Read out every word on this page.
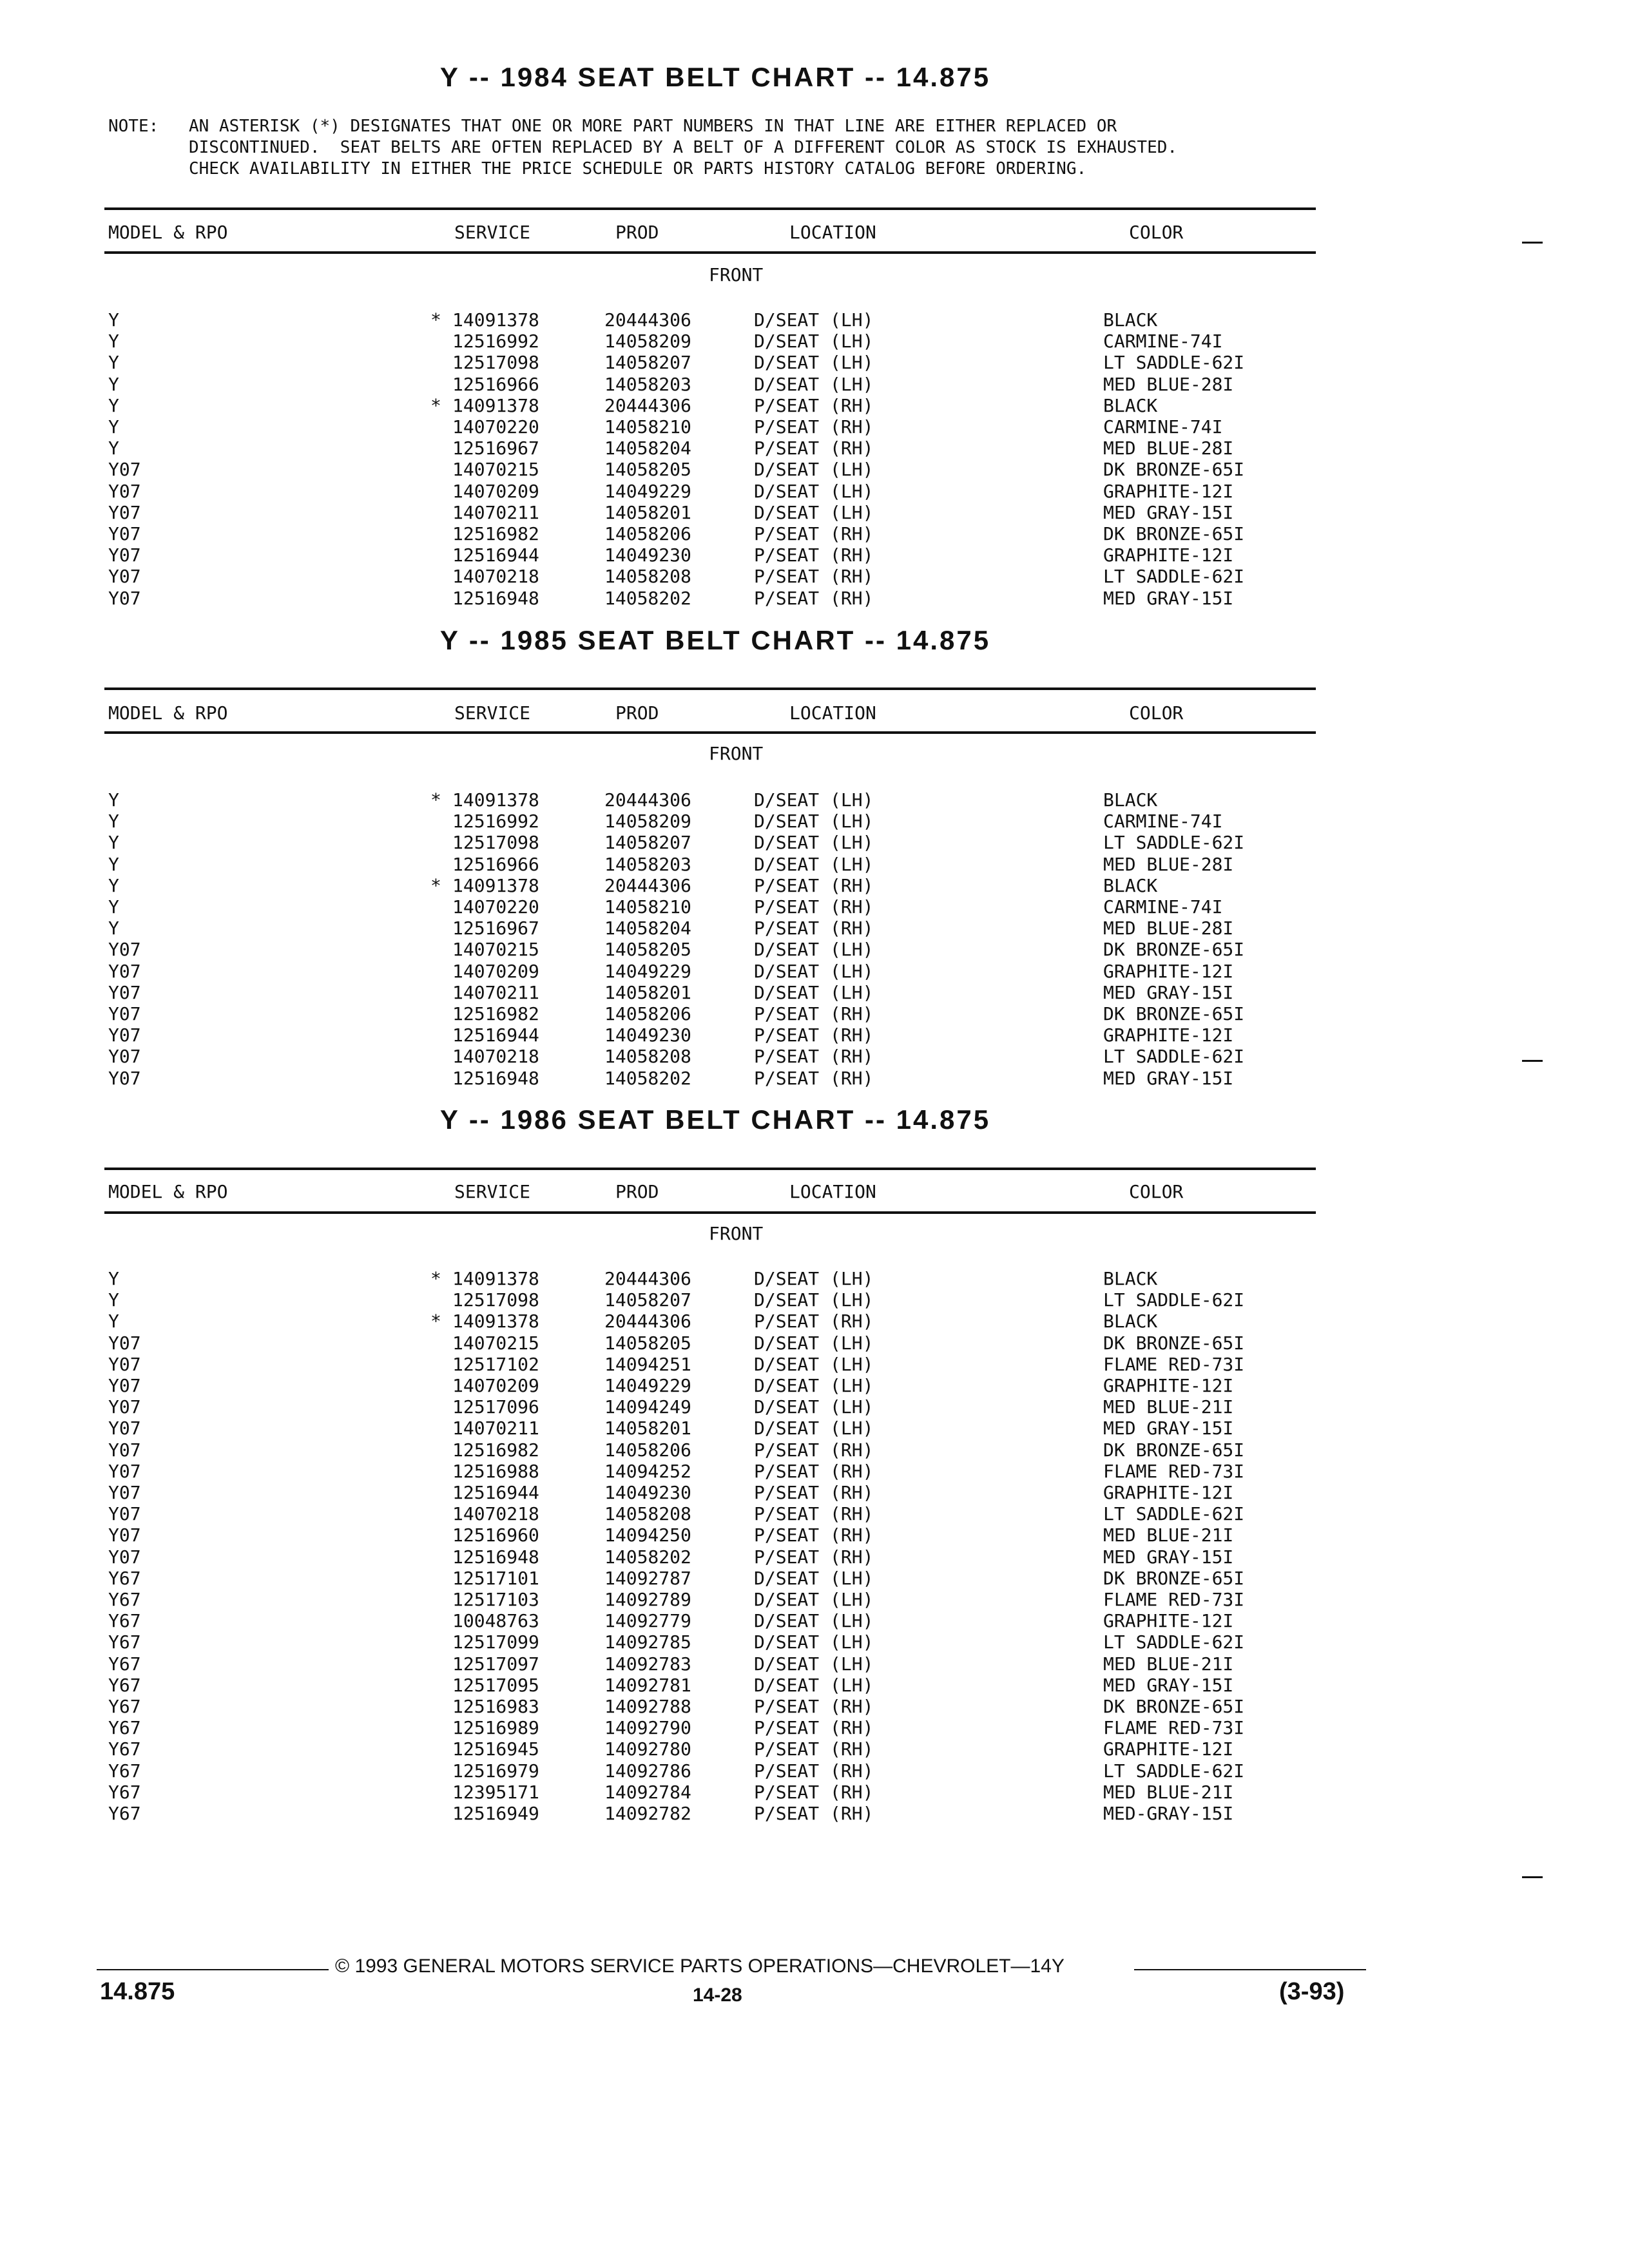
Y -- 1984 SEAT BELT CHART -- 14.875
NOTE: AN ASTERISK (*) DESIGNATES THAT ONE OR MORE PART NUMBERS IN THAT LINE ARE EITHER REPLACED OR
DISCONTINUED.  SEAT BELTS ARE OFTEN REPLACED BY A BELT OF A DIFFERENT COLOR AS STOCK IS EXHAUSTED.
CHECK AVAILABILITY IN EITHER THE PRICE SCHEDULE OR PARTS HISTORY CATALOG BEFORE ORDERING.
MODEL & RPO	SERVICE	PROD	LOCATION	COLOR
FRONT
Y	* 14091378	20444306	D/SEAT (LH)	BLACK
Y	12516992	14058209	D/SEAT (LH)	CARMINE-74I
Y	12517098	14058207	D/SEAT (LH)	LT SADDLE-62I
Y	12516966	14058203	D/SEAT (LH)	MED BLUE-28I
Y	* 14091378	20444306	P/SEAT (RH)	BLACK
Y	14070220	14058210	P/SEAT (RH)	CARMINE-74I
Y	12516967	14058204	P/SEAT (RH)	MED BLUE-28I
Y07	14070215	14058205	D/SEAT (LH)	DK BRONZE-65I
Y07	14070209	14049229	D/SEAT (LH)	GRAPHITE-12I
Y07	14070211	14058201	D/SEAT (LH)	MED GRAY-15I
Y07	12516982	14058206	P/SEAT (RH)	DK BRONZE-65I
Y07	12516944	14049230	P/SEAT (RH)	GRAPHITE-12I
Y07	14070218	14058208	P/SEAT (RH)	LT SADDLE-62I
Y07	12516948	14058202	P/SEAT (RH)	MED GRAY-15I
Y -- 1985 SEAT BELT CHART -- 14.875
MODEL & RPO	SERVICE	PROD	LOCATION	COLOR
FRONT
Y	* 14091378	20444306	D/SEAT (LH)	BLACK
Y	12516992	14058209	D/SEAT (LH)	CARMINE-74I
Y	12517098	14058207	D/SEAT (LH)	LT SADDLE-62I
Y	12516966	14058203	D/SEAT (LH)	MED BLUE-28I
Y	* 14091378	20444306	P/SEAT (RH)	BLACK
Y	14070220	14058210	P/SEAT (RH)	CARMINE-74I
Y	12516967	14058204	P/SEAT (RH)	MED BLUE-28I
Y07	14070215	14058205	D/SEAT (LH)	DK BRONZE-65I
Y07	14070209	14049229	D/SEAT (LH)	GRAPHITE-12I
Y07	14070211	14058201	D/SEAT (LH)	MED GRAY-15I
Y07	12516982	14058206	P/SEAT (RH)	DK BRONZE-65I
Y07	12516944	14049230	P/SEAT (RH)	GRAPHITE-12I
Y07	14070218	14058208	P/SEAT (RH)	LT SADDLE-62I
Y07	12516948	14058202	P/SEAT (RH)	MED GRAY-15I
Y -- 1986 SEAT BELT CHART -- 14.875
MODEL & RPO	SERVICE	PROD	LOCATION	COLOR
FRONT
Y	* 14091378	20444306	D/SEAT (LH)	BLACK
Y	12517098	14058207	D/SEAT (LH)	LT SADDLE-62I
Y	* 14091378	20444306	P/SEAT (RH)	BLACK
Y07	14070215	14058205	D/SEAT (LH)	DK BRONZE-65I
Y07	12517102	14094251	D/SEAT (LH)	FLAME RED-73I
Y07	14070209	14049229	D/SEAT (LH)	GRAPHITE-12I
Y07	12517096	14094249	D/SEAT (LH)	MED BLUE-21I
Y07	14070211	14058201	D/SEAT (LH)	MED GRAY-15I
Y07	12516982	14058206	P/SEAT (RH)	DK BRONZE-65I
Y07	12516988	14094252	P/SEAT (RH)	FLAME RED-73I
Y07	12516944	14049230	P/SEAT (RH)	GRAPHITE-12I
Y07	14070218	14058208	P/SEAT (RH)	LT SADDLE-62I
Y07	12516960	14094250	P/SEAT (RH)	MED BLUE-21I
Y07	12516948	14058202	P/SEAT (RH)	MED GRAY-15I
Y67	12517101	14092787	D/SEAT (LH)	DK BRONZE-65I
Y67	12517103	14092789	D/SEAT (LH)	FLAME RED-73I
Y67	10048763	14092779	D/SEAT (LH)	GRAPHITE-12I
Y67	12517099	14092785	D/SEAT (LH)	LT SADDLE-62I
Y67	12517097	14092783	D/SEAT (LH)	MED BLUE-21I
Y67	12517095	14092781	D/SEAT (LH)	MED GRAY-15I
Y67	12516983	14092788	P/SEAT (RH)	DK BRONZE-65I
Y67	12516989	14092790	P/SEAT (RH)	FLAME RED-73I
Y67	12516945	14092780	P/SEAT (RH)	GRAPHITE-12I
Y67	12516979	14092786	P/SEAT (RH)	LT SADDLE-62I
Y67	12395171	14092784	P/SEAT (RH)	MED BLUE-21I
Y67	12516949	14092782	P/SEAT (RH)	MED-GRAY-15I
© 1993 GENERAL MOTORS SERVICE PARTS OPERATIONS—CHEVROLET—14Y
14.875	14-28	(3-93)
